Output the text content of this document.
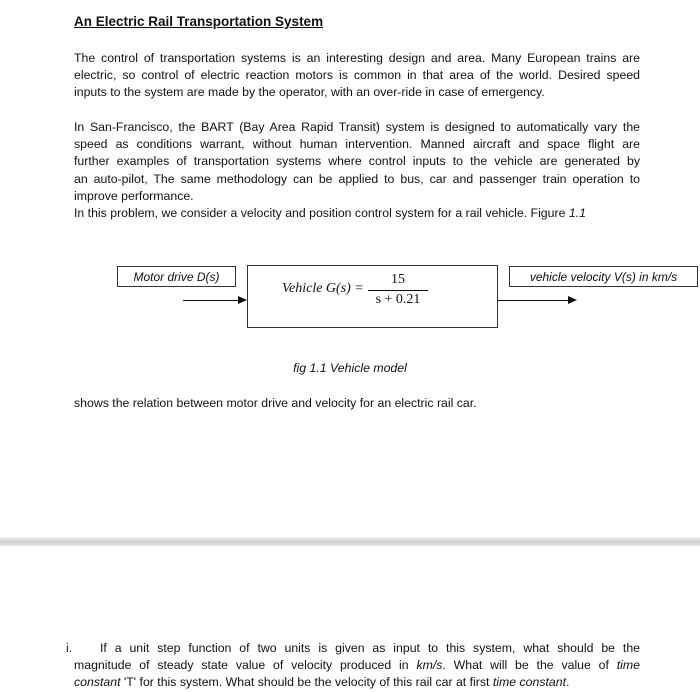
An Electric Rail Transportation System
The control of transportation systems is an interesting design and area. Many European trains are
electric, so control of electric reaction motors is common in that area of the world. Desired speed
inputs to the system are made by the operator, with an over-ride in case of emergency.
In San-Francisco, the BART (Bay Area Rapid Transit) system is designed to automatically vary the
speed as conditions warrant, without human intervention. Manned aircraft and space flight are
further examples of transportation systems where control inputs to the vehicle are generated by
an auto-pilot, The same methodology can be applied to bus, car and passenger train operation to
improve performance.
In this problem, we consider a velocity and position control system for a rail vehicle. Figure 1.1
Motor drive D(s)
Vehicle G(s) =
15
s + 0.21
vehicle velocity V(s) in km/s
fig 1.1 Vehicle model
shows the relation between motor drive and velocity for an electric rail car.
i. If a unit step function of two units is given as input to this system, what should be the
magnitude of steady state value of velocity produced in km/s. What will be the value of time
constant 'T' for this system. What should be the velocity of this rail car at first time constant.
